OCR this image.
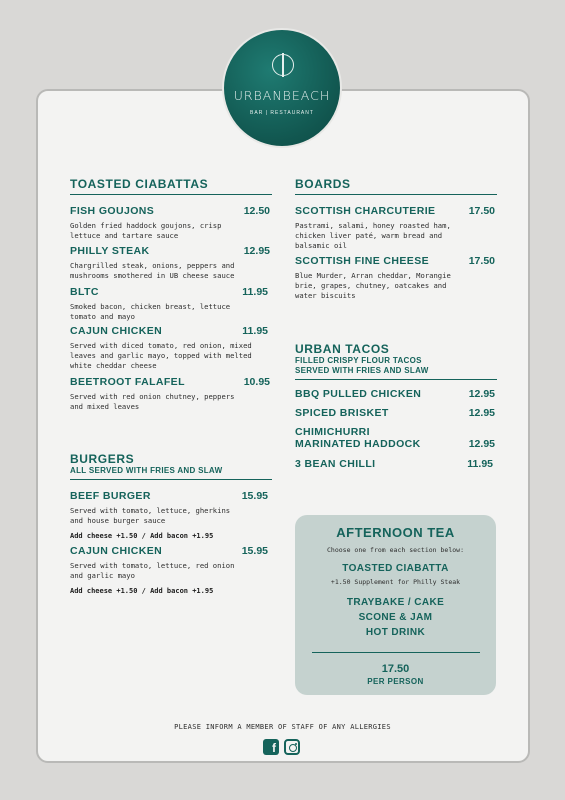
URBANBEACH
BAR | RESTAURANT
TOASTED CIABATTAS
FISH GOUJONS	12.50
Golden fried haddock goujons, crisp lettuce and tartare sauce
PHILLY STEAK	12.95
Chargrilled steak, onions, peppers and mushrooms smothered in UB cheese sauce
BLTC	11.95
Smoked bacon, chicken breast, lettuce tomato and mayo
CAJUN CHICKEN	11.95
Served with diced tomato, red onion, mixed leaves and garlic mayo, topped with melted white cheddar cheese
BEETROOT FALAFEL	10.95
Served with red onion chutney, peppers and mixed leaves
BURGERS
ALL SERVED WITH FRIES AND SLAW
BEEF BURGER	15.95
Served with tomato, lettuce, gherkins and house burger sauce
Add cheese +1.50 / Add bacon +1.95
CAJUN CHICKEN	15.95
Served with tomato, lettuce, red onion and garlic mayo
Add cheese +1.50 / Add bacon +1.95
BOARDS
SCOTTISH CHARCUTERIE	17.50
Pastrami, salami, honey roasted ham, chicken liver paté, warm bread and balsamic oil
SCOTTISH FINE CHEESE	17.50
Blue Murder, Arran cheddar, Morangie brie, grapes, chutney, oatcakes and water biscuits
URBAN TACOS
FILLED CRISPY FLOUR TACOS
SERVED WITH FRIES AND SLAW
BBQ PULLED CHICKEN	12.95
SPICED BRISKET	12.95
CHIMICHURRI
MARINATED HADDOCK	12.95
3 BEAN CHILLI	11.95
AFTERNOON TEA
Choose one from each section below:
TOASTED CIABATTA
+1.50 Supplement for Philly Steak
TRAYBAKE / CAKE
SCONE & JAM
HOT DRINK
17.50
PER PERSON
PLEASE INFORM A MEMBER OF STAFF OF ANY ALLERGIES
f
